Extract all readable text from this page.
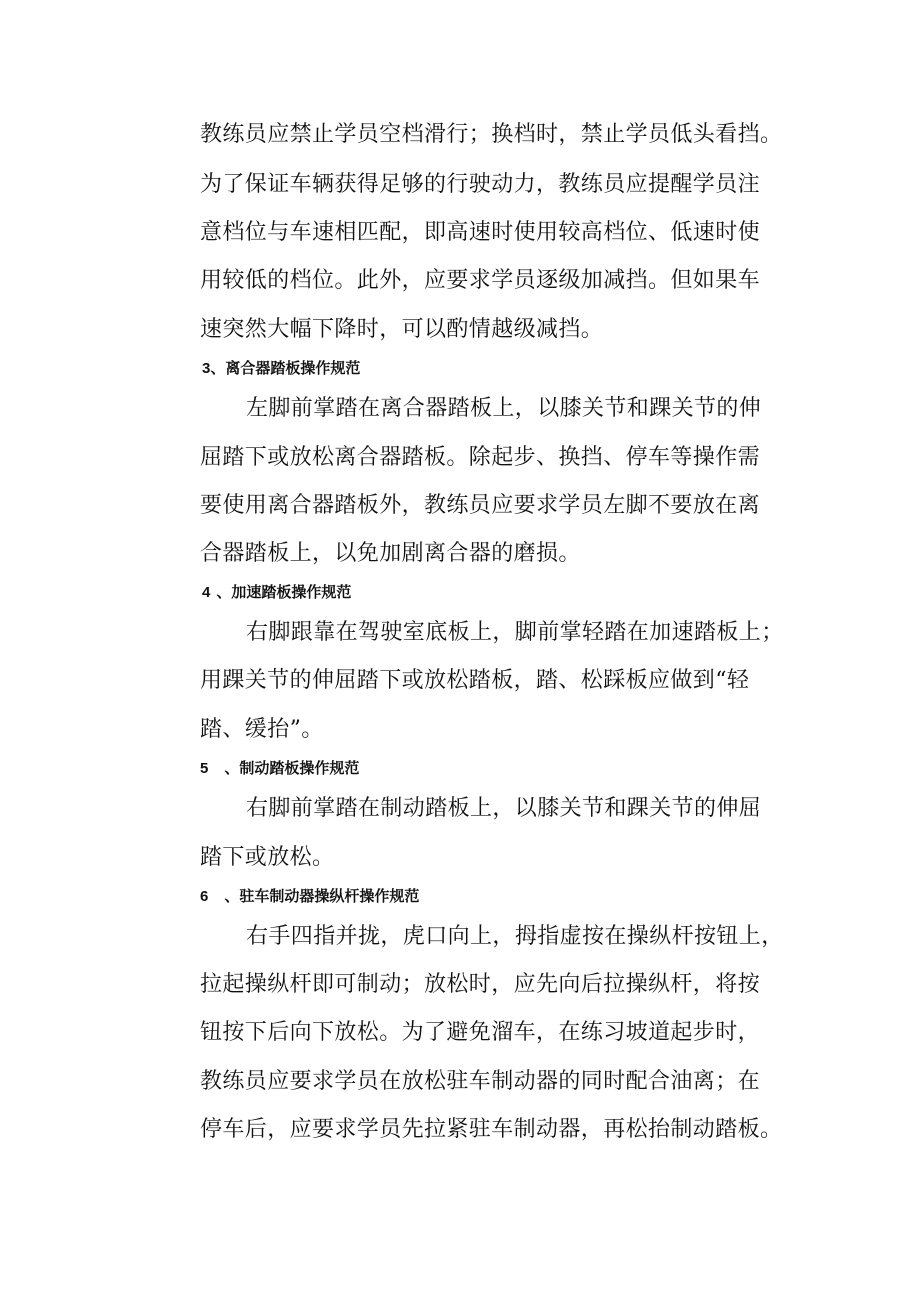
教练员应禁止学员空档滑行；换档时，禁止学员低头看挡。
为了保证车辆获得足够的行驶动力，教练员应提醒学员注
意档位与车速相匹配，即高速时使用较高档位、低速时使
用较低的档位。此外，应要求学员逐级加减挡。但如果车
速突然大幅下降时，可以酌情越级减挡。
3、离合器踏板操作规范
左脚前掌踏在离合器踏板上，以膝关节和踝关节的伸
屈踏下或放松离合器踏板。除起步、换挡、停车等操作需
要使用离合器踏板外，教练员应要求学员左脚不要放在离
合器踏板上，以免加剧离合器的磨损。
4 、加速踏板操作规范
右脚跟靠在驾驶室底板上，脚前掌轻踏在加速踏板上；
用踝关节的伸屈踏下或放松踏板，踏、松踩板应做到“轻
踏、缓抬”。
5 、制动踏板操作规范
右脚前掌踏在制动踏板上，以膝关节和踝关节的伸屈
踏下或放松。
6 、驻车制动器操纵杆操作规范
右手四指并拢，虎口向上，拇指虚按在操纵杆按钮上，
拉起操纵杆即可制动；放松时，应先向后拉操纵杆，将按
钮按下后向下放松。为了避免溜车，在练习坡道起步时，
教练员应要求学员在放松驻车制动器的同时配合油离；在
停车后，应要求学员先拉紧驻车制动器，再松抬制动踏板。
